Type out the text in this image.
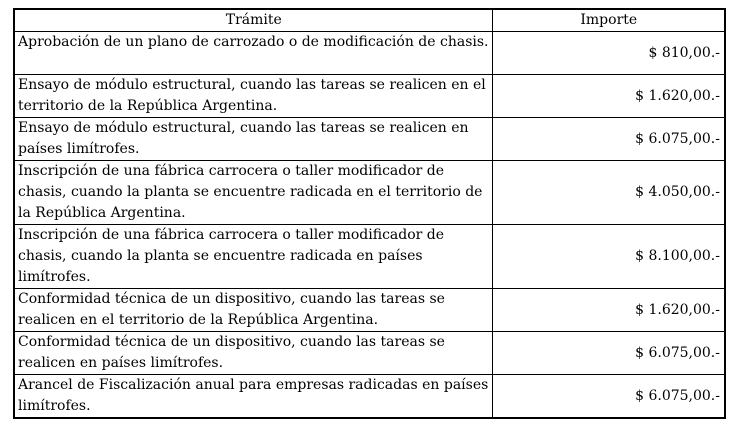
Trámite	Importe
Aprobación de un plano de carrozado o de modificación de chasis.	$ 810,00.-
Ensayo de módulo estructural, cuando las tareas se realicen en el territorio de la República Argentina.	$ 1.620,00.-
Ensayo de módulo estructural, cuando las tareas se realicen en países limítrofes.	$ 6.075,00.-
Inscripción de una fábrica carrocera o taller modificador de chasis, cuando la planta se encuentre radicada en el territorio de la República Argentina.	$ 4.050,00.-
Inscripción de una fábrica carrocera o taller modificador de chasis, cuando la planta se encuentre radicada en países limítrofes.	$ 8.100,00.-
Conformidad técnica de un dispositivo, cuando las tareas se realicen en el territorio de la República Argentina.	$ 1.620,00.-
Conformidad técnica de un dispositivo, cuando las tareas se realicen en países limítrofes.	$ 6.075,00.-
Arancel de Fiscalización anual para empresas radicadas en países limítrofes.	$ 6.075,00.-
